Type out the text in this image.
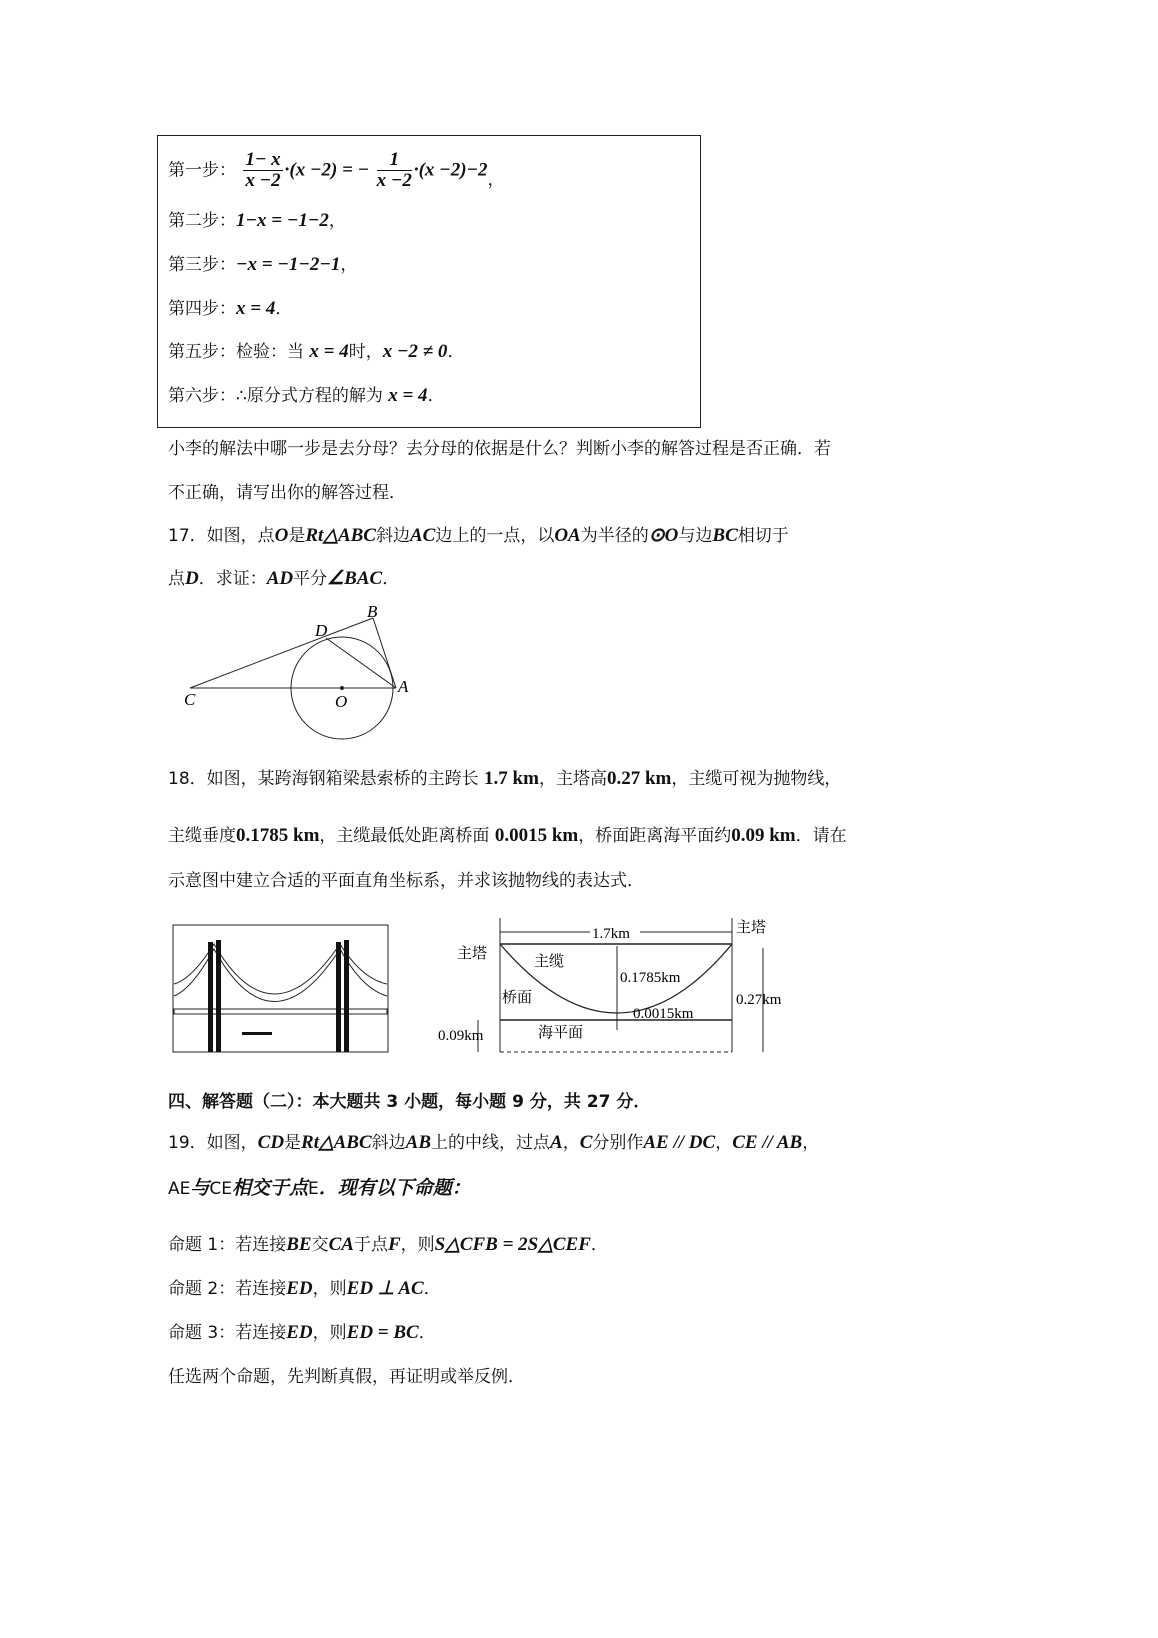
第一步： $\frac{1- x}{x -2} \cdot(x -2)$ = − $\frac{1}{x -2} \cdot(x -2)-2$，
第二步：1−x = −1−2，
第三步：−x = −1−2−1，
第四步：x = 4．
第五步：检验：当 x = 4时，x −2 ≠ 0．
第六步：∴原分式方程的解为 x = 4．
小李的解法中哪一步是去分母？去分母的依据是什么？判断小李的解答过程是否正确．若
不正确，请写出你的解答过程．
17．如图，点O是Rt△ABC斜边AC边上的一点，以OA为半径的⊙O与边BC相切于
点D．求证：AD平分∠BAC．
C	O
A
B
D
18．如图，某跨海钢箱梁悬索桥的主跨长 1.7 km，主塔高0.27 km，主缆可视为抛物线，
主缆垂度0.1785 km，主缆最低处距离桥面 0.0015 km，桥面距离海平面约0.09 km．请在
示意图中建立合适的平面直角坐标系，并求该抛物线的表达式．
1.7km
主塔
主塔
主缆
0.1785km
桥面
0.0015km
0.27km
海平面
0.09km
四、解答题（二）：本大题共 3 小题，每小题 9 分，共 27 分．
19．如图，CD是Rt△ABC斜边AB上的中线，过点A，C分别作AE // DC，CE // AB，
AE与CE相交于点E．现有以下命题：
命题 1：若连接BE交CA于点F，则S△CFB = 2S△CEF．
命题 2：若连接ED，则ED ⊥ AC．
命题 3：若连接ED，则ED = BC．
任选两个命题，先判断真假，再证明或举反例．
